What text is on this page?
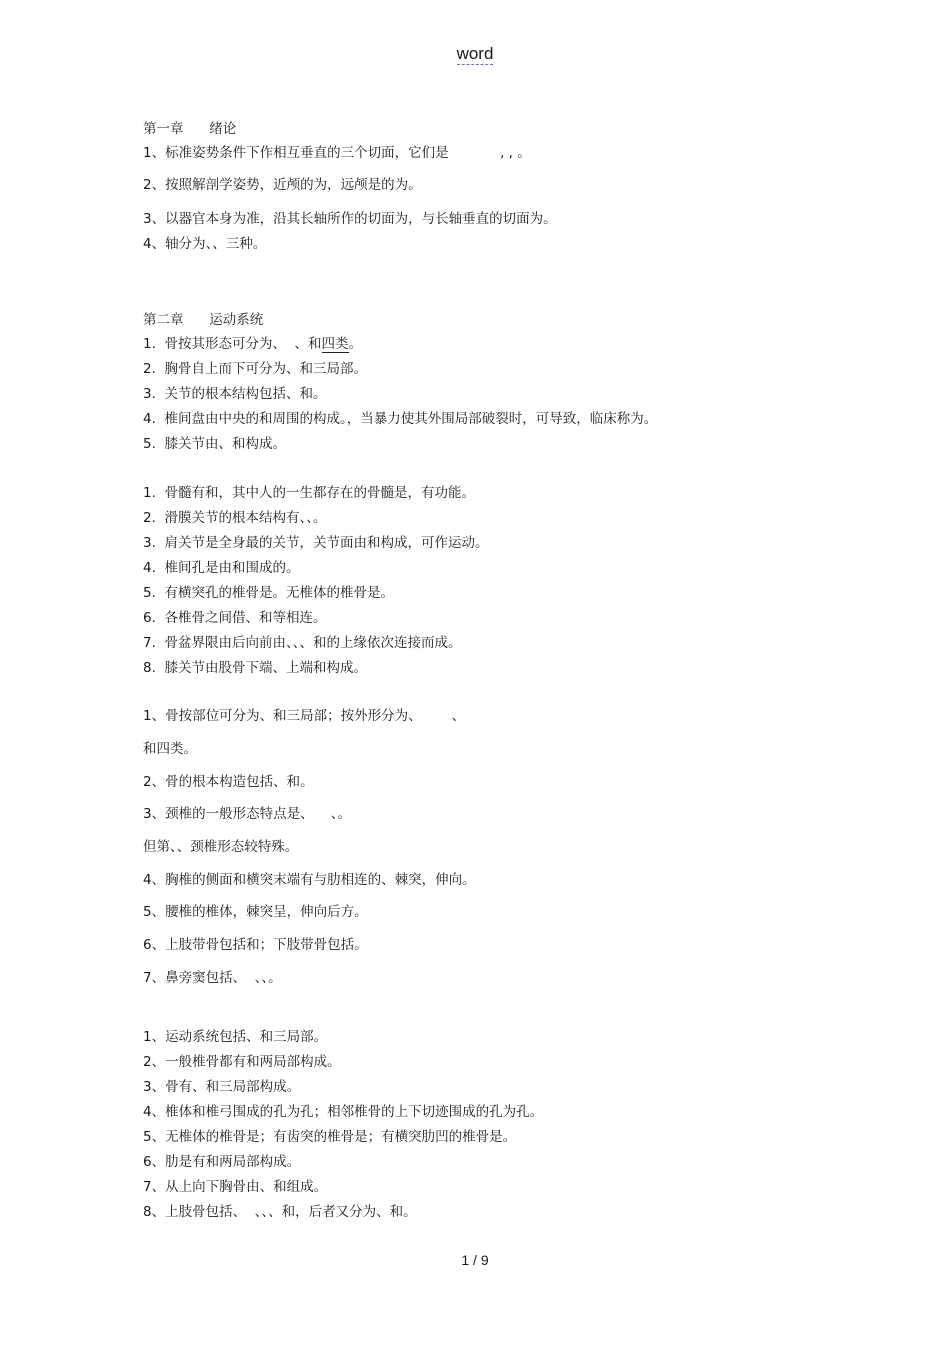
word
第一章      绪论
1、标准姿势条件下作相互垂直的三个切面，它们是            , , 。
2、按照解剖学姿势，近颅的为，远颅是的为。
3、以器官本身为准，沿其长轴所作的切面为，与长轴垂直的切面为。
4、轴分为、、三种。
第二章      运动系统
1.  骨按其形态可分为、  、和四类。
2.  胸骨自上而下可分为、和三局部。
3.  关节的根本结构包括、和。
4.  椎间盘由中央的和周围的构成。，当暴力使其外围局部破裂时，可导致，临床称为。
5.  膝关节由、和构成。
1.  骨髓有和，其中人的一生都存在的骨髓是，有功能。
2.  滑膜关节的根本结构有、、。
3.  肩关节是全身最的关节，关节面由和构成，可作运动。
4.  椎间孔是由和围成的。
5.  有横突孔的椎骨是。无椎体的椎骨是。
6.  各椎骨之间借、和等相连。
7.  骨盆界限由后向前由、、、和的上缘依次连接而成。
8.  膝关节由股骨下端、上端和构成。
1、骨按部位可分为、和三局部；按外形分为、       、
和四类。
2、骨的根本构造包括、和。
3、颈椎的一般形态特点是、    、。
但第、、颈椎形态较特殊。
4、胸椎的侧面和横突末端有与肋相连的、棘突，伸向。
5、腰椎的椎体，棘突呈，伸向后方。
6、上肢带骨包括和；下肢带骨包括。
7、鼻旁窦包括、  、、。
1、运动系统包括、和三局部。
2、一般椎骨都有和两局部构成。
3、骨有、和三局部构成。
4、椎体和椎弓围成的孔为孔；相邻椎骨的上下切迹围成的孔为孔。
5、无椎体的椎骨是；有齿突的椎骨是；有横突肋凹的椎骨是。
6、肋是有和两局部构成。
7、从上向下胸骨由、和组成。
8、上肢骨包括、  、、、和，后者又分为、和。
1 / 9
